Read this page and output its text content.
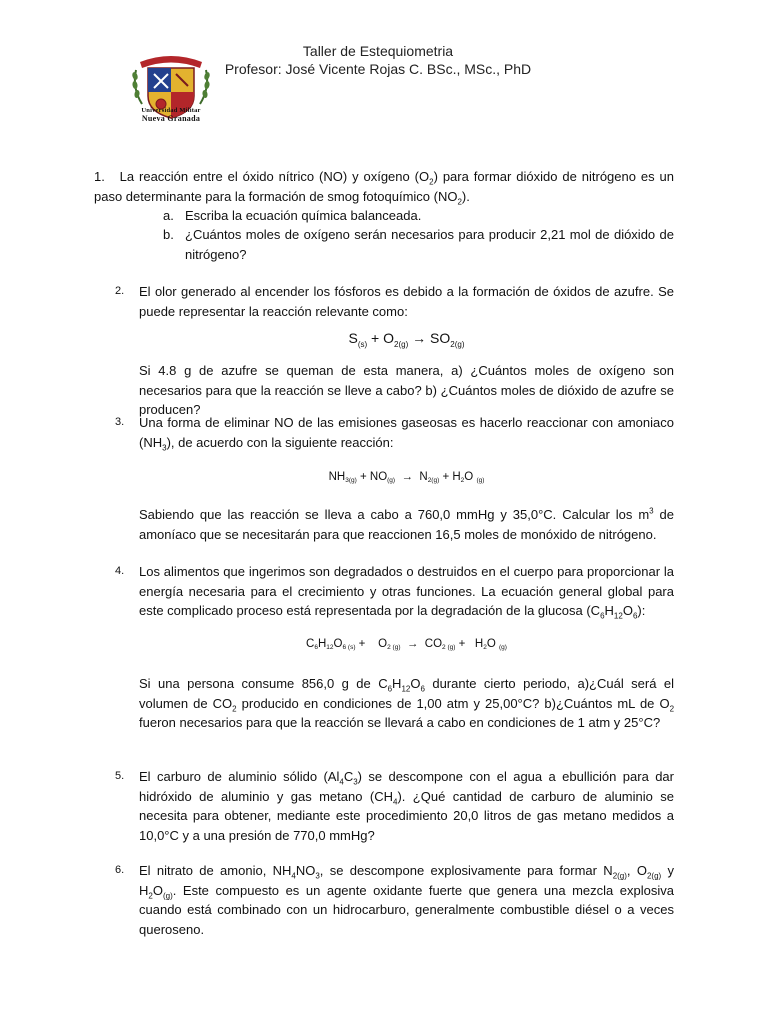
Universidad Militar
Nueva Granada
Taller de Estequiometria
Profesor: José Vicente Rojas C. BSc., MSc., PhD
1. La reacción entre el óxido nítrico (NO) y oxígeno $(O_2)$ para formar dióxido de nitrógeno es un paso determinante para la formación de smog fotoquímico $(NO_2)$.
a. Escriba la ecuación química balanceada.
b. ¿Cuántos moles de oxígeno serán necesarios para producir 2,21 mol de dióxido de nitrógeno?
2. El olor generado al encender los fósforos es debido a la formación de óxidos de azufre. Se puede representar la reacción relevante como:
$S_{(s)} + O_{2(g)} \to SO_{2(g)}$
Si 4.8 g de azufre se queman de esta manera, a) ¿Cuántos moles de oxígeno son necesarios para que la reacción se lleve a cabo? b) ¿Cuántos moles de dióxido de azufre se producen?
3. Una forma de eliminar NO de las emisiones gaseosas es hacerlo reaccionar con amoniaco $(NH_3)$, de acuerdo con la siguiente reacción:
NH3(g) + NO(g)  →  N2(g) + H2O (g)
Sabiendo que las reacción se lleva a cabo a 760,0 mmHg y 35,0°C. Calcular los $m^3$ de amoníaco que se necesitarán para que reaccionen 16,5 moles de monóxido de nitrógeno.
4. Los alimentos que ingerimos son degradados o destruidos en el cuerpo para proporcionar la energía necesaria para el crecimiento y otras funciones. La ecuación general global para este complicado proceso está representada por la degradación de la glucosa $(C_6H_{12}O_6)$:
C6H12O6 (s) +    O2 (g)  →  CO2 (g) +   H2O (g)
Si una persona consume 856,0 g de $C_6H_{12}O_6$ durante cierto periodo, a)¿Cuál será el volumen de $CO_2$ producido en condiciones de 1,00 atm y 25,00°C? b)¿Cuántos mL de $O_2$ fueron necesarios para que la reacción se llevará a cabo en condiciones de 1 atm y 25°C?
5. El carburo de aluminio sólido $(Al_4C_3)$ se descompone con el agua a ebullición para dar hidróxido de aluminio y gas metano $(CH_4)$. ¿Qué cantidad de carburo de aluminio se necesita para obtener, mediante este procedimiento 20,0 litros de gas metano medidos a 10,0°C y a una presión de 770,0 mmHg?
6. El nitrato de amonio, $NH_4NO_3$, se descompone explosivamente para formar $N_{2(g)}$, $O_{2(g)}$ y $H_2O_{(g)}$. Este compuesto es un agente oxidante fuerte que genera una mezcla explosiva cuando está combinado con un hidrocarburo, generalmente combustible diésel o a veces queroseno.
